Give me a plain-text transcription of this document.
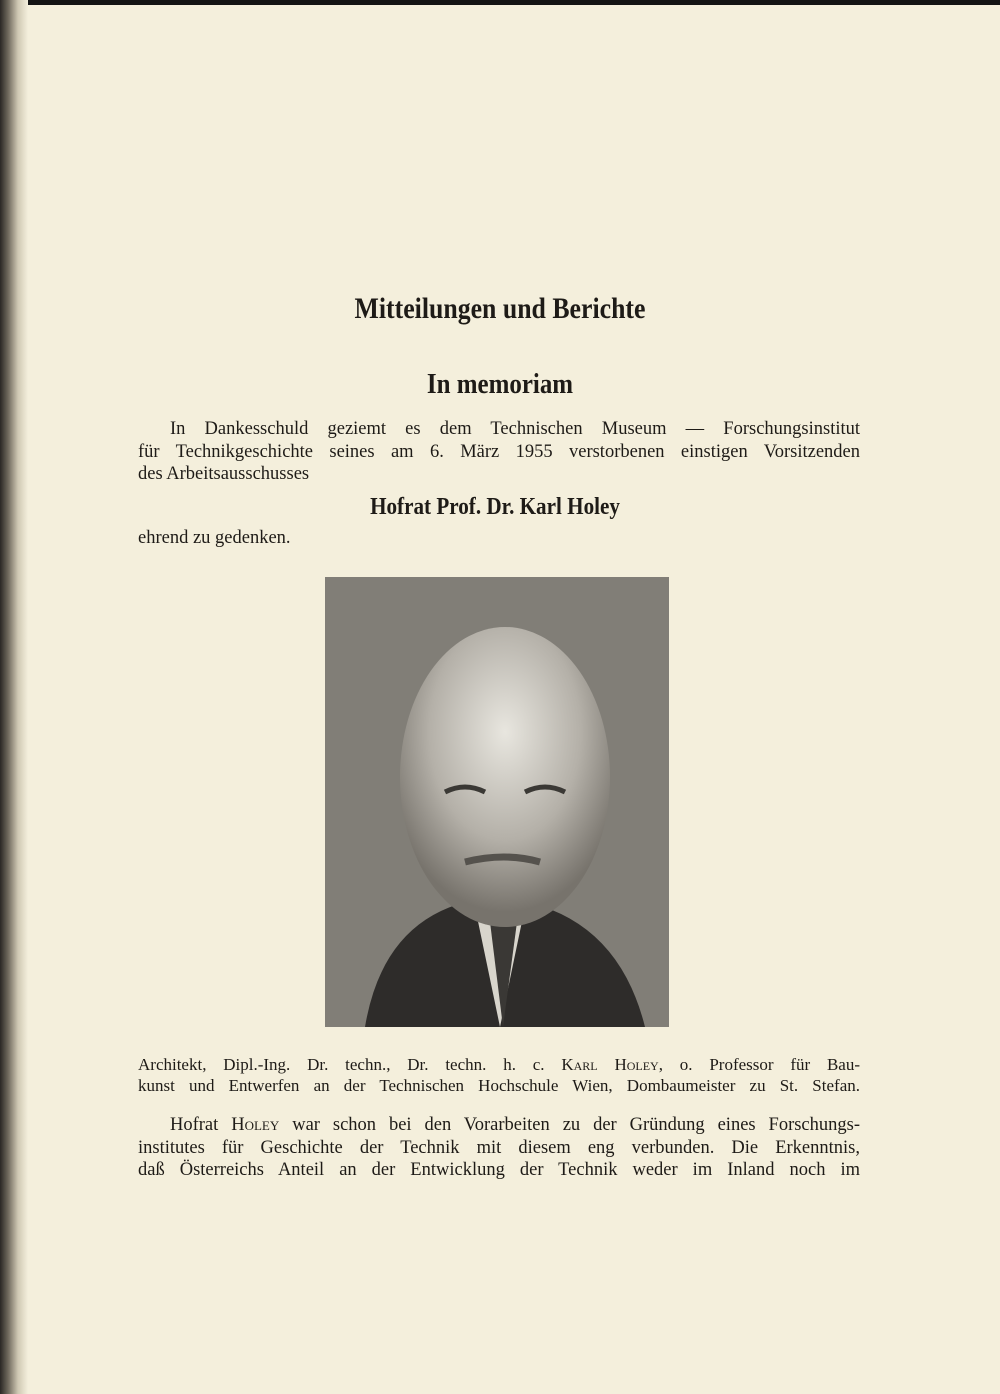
Mitteilungen und Berichte
In memoriam
In Dankesschuld geziemt es dem Technischen Museum — Forschungsinstitut
für Technikgeschichte seines am 6. März 1955 verstorbenen einstigen Vorsitzenden
des Arbeitsausschusses
Hofrat Prof. Dr. Karl Holey
ehrend zu gedenken.
Architekt, Dipl.-Ing. Dr. techn., Dr. techn. h. c. Karl Holey, o. Professor für Bau-
kunst und Entwerfen an der Technischen Hochschule Wien, Dombaumeister zu St. Stefan.
Hofrat Holey war schon bei den Vorarbeiten zu der Gründung eines Forschungs-
institutes für Geschichte der Technik mit diesem eng verbunden. Die Erkenntnis,
daß Österreichs Anteil an der Entwicklung der Technik weder im Inland noch im
